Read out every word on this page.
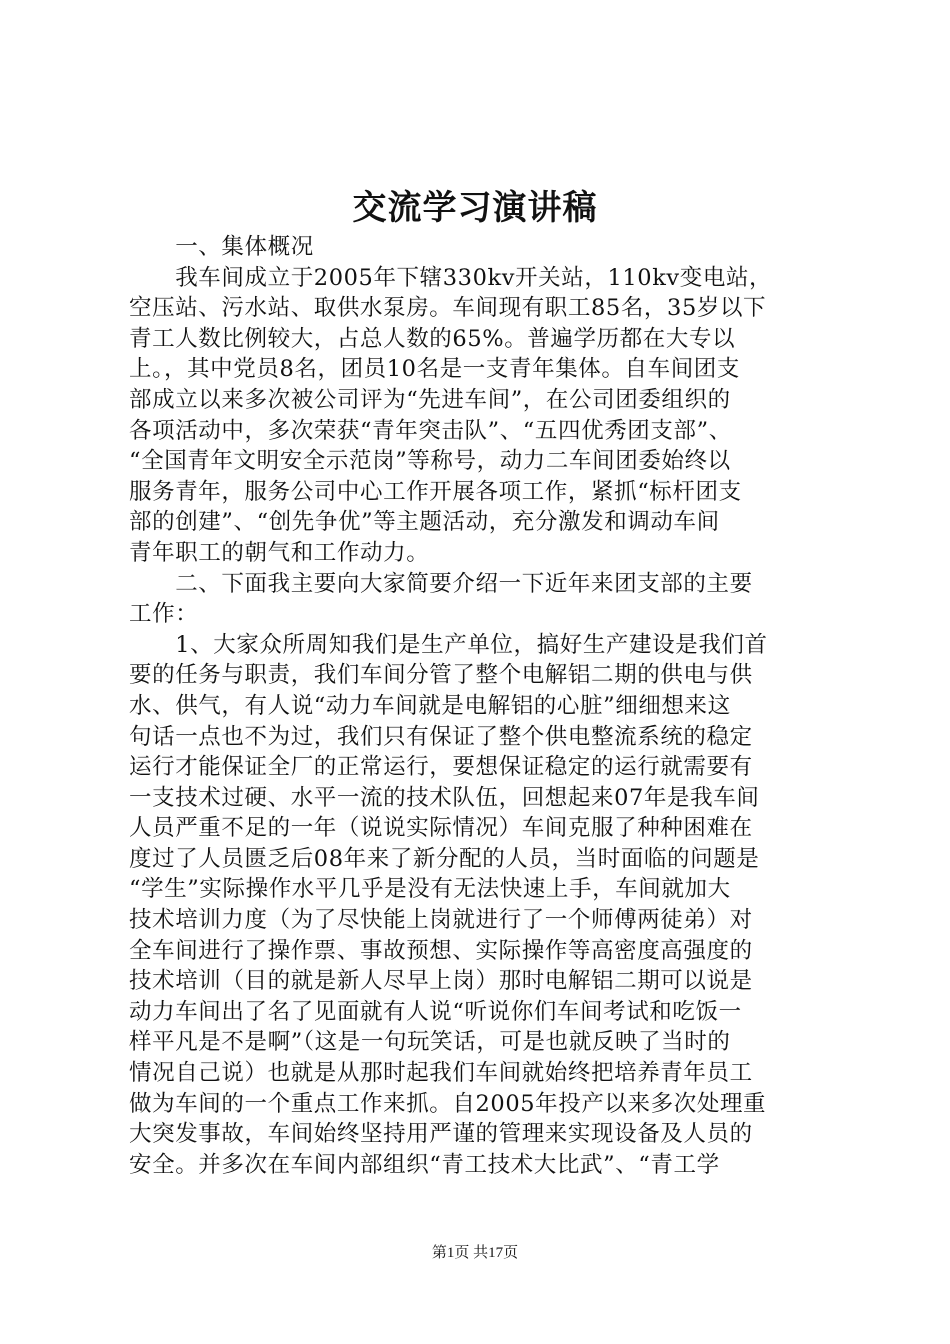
交流学习演讲稿
　　一、集体概况
　　我车间成立于2005年下辖330kv开关站，110kv变电站，
空压站、污水站、取供水泵房。车间现有职工85名，35岁以下
青工人数比例较大，占总人数的65%。普遍学历都在大专以
上。，其中党员8名，团员10名是一支青年集体。自车间团支
部成立以来多次被公司评为“先进车间”，在公司团委组织的
各项活动中，多次荣获“青年突击队”、“五四优秀团支部”、
“全国青年文明安全示范岗”等称号，动力二车间团委始终以
服务青年，服务公司中心工作开展各项工作，紧抓“标杆团支
部的创建”、“创先争优”等主题活动，充分激发和调动车间
青年职工的朝气和工作动力。
　　二、下面我主要向大家简要介绍一下近年来团支部的主要
工作：
　　1、大家众所周知我们是生产单位，搞好生产建设是我们首
要的任务与职责，我们车间分管了整个电解铝二期的供电与供
水、供气，有人说“动力车间就是电解铝的心脏”细细想来这
句话一点也不为过，我们只有保证了整个供电整流系统的稳定
运行才能保证全厂的正常运行，要想保证稳定的运行就需要有
一支技术过硬、水平一流的技术队伍，回想起来07年是我车间
人员严重不足的一年（说说实际情况）车间克服了种种困难在
度过了人员匮乏后08年来了新分配的人员，当时面临的问题是
“学生”实际操作水平几乎是没有无法快速上手，车间就加大
技术培训力度（为了尽快能上岗就进行了一个师傅两徒弟）对
全车间进行了操作票、事故预想、实际操作等高密度高强度的
技术培训（目的就是新人尽早上岗）那时电解铝二期可以说是
动力车间出了名了见面就有人说“听说你们车间考试和吃饭一
样平凡是不是啊”（这是一句玩笑话，可是也就反映了当时的
情况自己说）也就是从那时起我们车间就始终把培养青年员工
做为车间的一个重点工作来抓。自2005年投产以来多次处理重
大突发事故，车间始终坚持用严谨的管理来实现设备及人员的
安全。并多次在车间内部组织“青工技术大比武”、“青工学
第1页 共17页
